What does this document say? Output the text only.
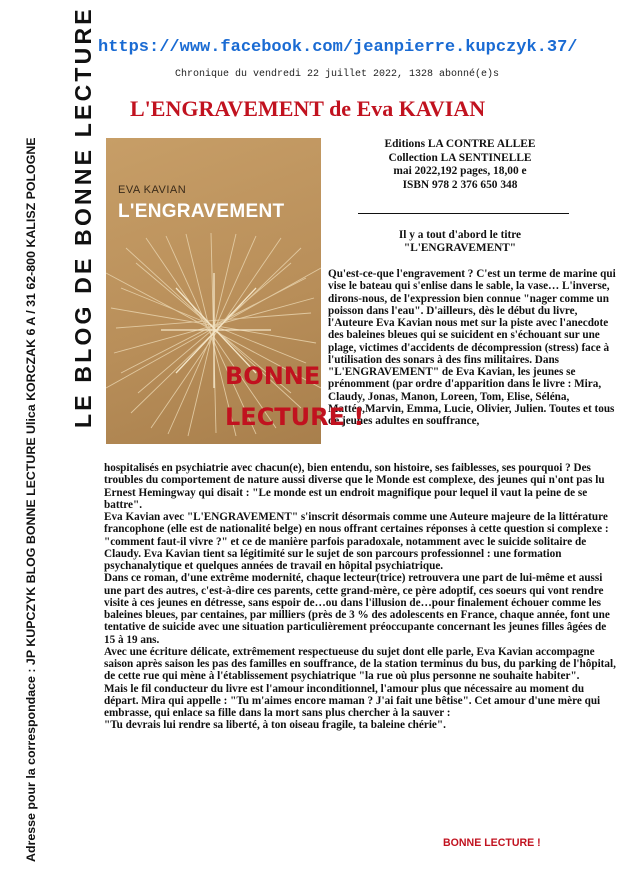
Adresse pour la correspondace : JP KUPCZYK BLOG BONNE LECTURE Ulica KORCZAK 6 A / 31 62-800 KALISZ POLOGNE LE BLOG DE BONNE LECTURE https://www.facebook.com/jeanpierre.kupczyk.37/
Chronique du vendredi 22 juillet 2022, 1328 abonné(e)s
L'ENGRAVEMENT de Eva KAVIAN
EVA KAVIAN
L'ENGRAVEMENT
Editions LA CONTRE ALLEE
Collection LA SENTINELLE
mai 2022,192 pages, 18,00 e
ISBN 978 2 376 650 348
Il y a tout d'abord le titre
"L'ENGRAVEMENT"

Qu'est-ce-que l'engravement ? C'est un terme de marine qui vise le bateau qui s'enlise dans le sable, la vase… L'inverse, dirons-nous, de l'expression bien connue "nager comme un poisson dans l'eau". D'ailleurs, dès le début du livre, l'Auteure Eva Kavian nous met sur la piste avec l'anecdote des baleines bleues qui se suicident en s'échouant sur une plage, victimes d'accidents de décompression (stress) face à l'utilisation des sonars à des fins militaires. Dans "L'ENGRAVEMENT" de Eva Kavian, les jeunes se prénomment (par ordre d'apparition dans le livre : Mira, Claudy, Jonas, Manon, Loreen, Tom, Elise, Séléna, Mattéo,Marvin, Emma, Lucie, Olivier, Julien. Toutes et tous de jeunes adultes en souffrance,

hospitalisés en psychiatrie avec chacun(e), bien entendu, son histoire, ses faiblesses, ses pourquoi ? Des troubles du comportement de nature aussi diverse que le Monde est complexe, des jeunes qui n'ont pas lu Ernest Hemingway qui disait : "Le monde est un endroit magnifique pour lequel il vaut la peine de se battre".

Eva Kavian avec "L'ENGRAVEMENT" s'inscrit désormais comme une Auteure majeure de la littérature francophone (elle est de nationalité belge) en nous offrant certaines réponses à cette question si complexe : "comment faut-il vivre ?" et ce de manière parfois paradoxale, notamment avec le suicide solitaire de Claudy. Eva Kavian tient sa légitimité sur le sujet de son parcours professionnel : une formation psychanalytique et quelques années de travail en hôpital psychiatrique.

Dans ce roman, d'une extrême modernité, chaque lecteur(trice) retrouvera une part de lui-même et aussi une part des autres, c'est-à-dire ces parents, cette grand-mère, ce père adoptif, ces soeurs qui vont rendre visite à ces jeunes en détresse, sans espoir de…ou dans l'illusion de…pour finalement échouer comme les baleines bleues, par centaines, par milliers (près de 3 % des adolescents en France, chaque année, font une tentative de suicide avec une situation particulièrement préoccupante concernant les jeunes filles âgées de 15 à 19 ans.

Avec une écriture délicate, extrêmement respectueuse du sujet dont elle parle, Eva Kavian accompagne saison après saison les pas des familles en souffrance, de la station terminus du bus, du parking de l'hôpital, de cette rue qui mène à l'établissement psychiatrique "la rue où plus personne ne souhaite habiter".

Mais le fil conducteur du livre est l'amour inconditionnel, l'amour plus que nécessaire au moment du départ. Mira qui appelle : "Tu m'aimes encore maman ? J'ai fait une bêtise". Cet amour d'une mère qui embrasse, qui enlace sa fille dans la mort sans plus chercher à la sauver :

"Tu devrais lui rendre sa liberté, à ton oiseau fragile, ta baleine chérie".

BONNE
LECTURE !
BONNE LECTURE !
